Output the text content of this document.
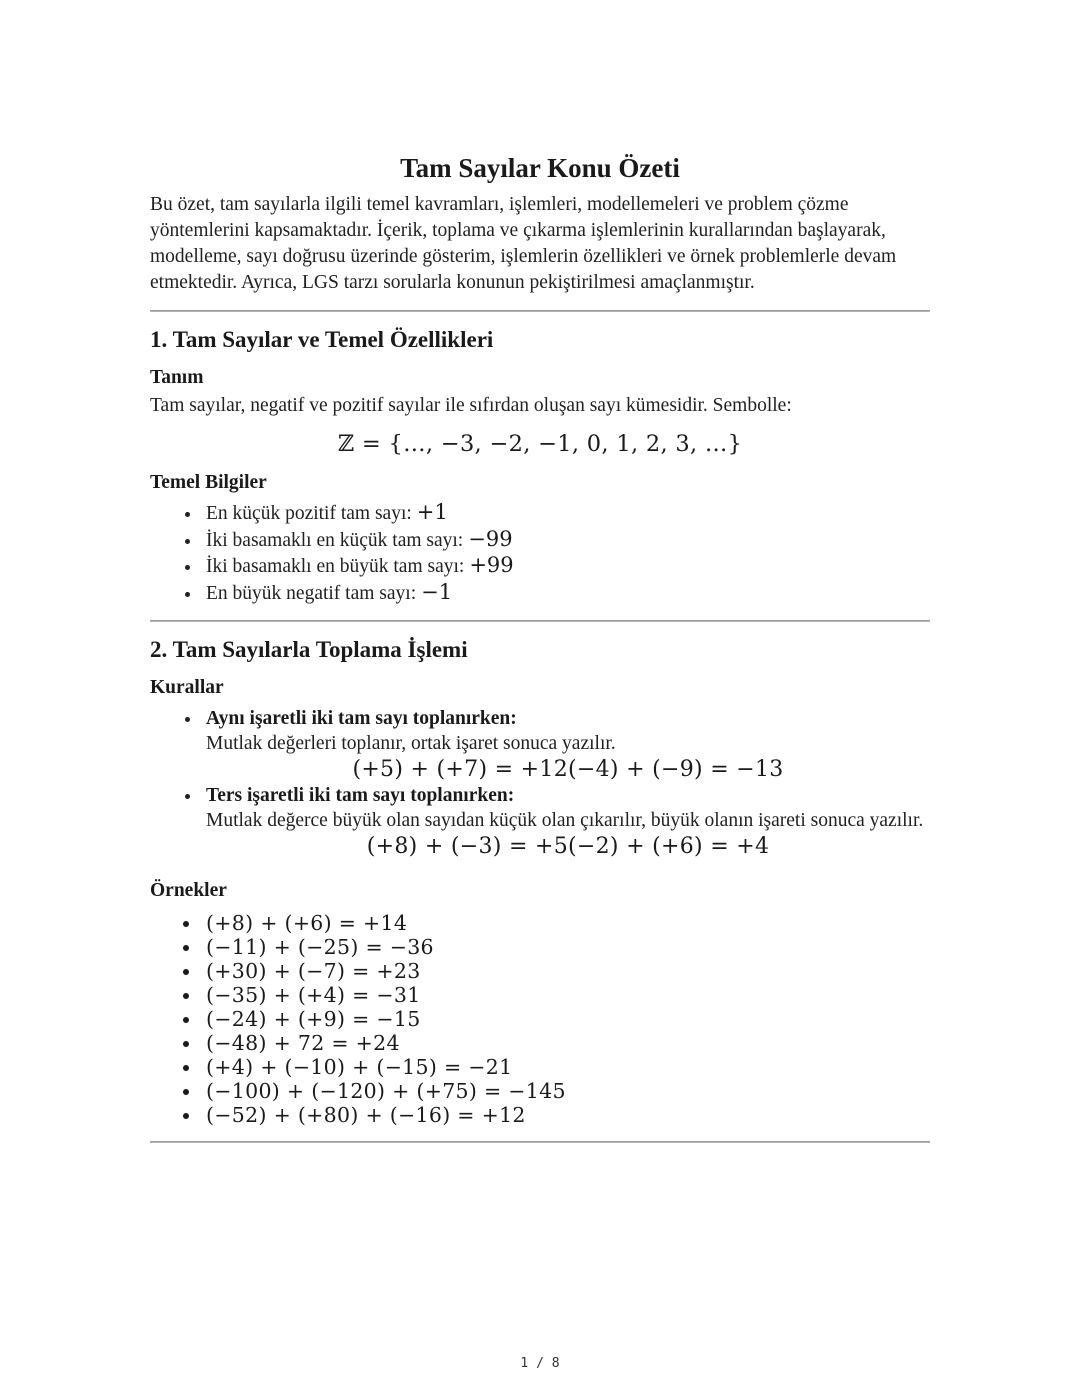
Tam Sayılar Konu Özeti

Bu özet, tam sayılarla ilgili temel kavramları, işlemleri, modellemeleri ve problem çözme yöntemlerini kapsamaktadır. İçerik, toplama ve çıkarma işlemlerinin kurallarından başlayarak, modelleme, sayı doğrusu üzerinde gösterim, işlemlerin özellikleri ve örnek problemlerle devam etmektedir. Ayrıca, LGS tarzı sorularla konunun pekiştirilmesi amaçlanmıştır.

1. Tam Sayılar ve Temel Özellikleri
Tanım

Tam sayılar, negatif ve pozitif sayılar ile sıfırdan oluşan sayı kümesidir. Sembolle:

ℤ = {…, −3, −2, −1, 0, 1, 2, 3, …}
Temel Bilgiler
• En küçük pozitif tam sayı: +1
• İki basamaklı en küçük tam sayı: −99
• İki basamaklı en büyük tam sayı: +99
• En büyük negatif tam sayı: −1
2. Tam Sayılarla Toplama İşlemi
Kurallar
• Aynı işaretli iki tam sayı toplanırken:
Mutlak değerleri toplanır, ortak işaret sonuca yazılır.
(+5) + (+7) = +12(−4) + (−9) = −13
• Ters işaretli iki tam sayı toplanırken:
Mutlak değerce büyük olan sayıdan küçük olan çıkarılır, büyük olanın işareti sonuca yazılır.
(+8) + (−3) = +5(−2) + (+6) = +4
Örnekler
• (+8) + (+6) = +14
• (−11) + (−25) = −36
• (+30) + (−7) = +23
• (−35) + (+4) = −31
• (−24) + (+9) = −15
• (−48) + 72 = +24
• (+4) + (−10) + (−15) = −21
• (−100) + (−120) + (+75) = −145
• (−52) + (+80) + (−16) = +12
1 / 8
